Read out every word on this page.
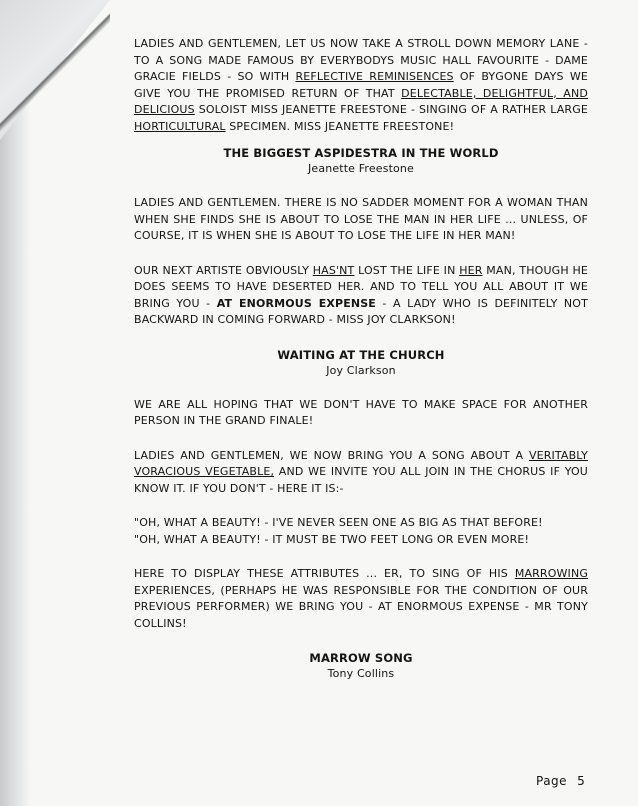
LADIES AND GENTLEMEN, LET US NOW TAKE A STROLL DOWN MEMORY LANE - TO A SONG MADE FAMOUS BY EVERYBODYS MUSIC HALL FAVOURITE - DAME GRACIE FIELDS - SO WITH REFLECTIVE REMINISENCES OF BYGONE DAYS WE GIVE YOU THE PROMISED RETURN OF THAT DELECTABLE, DELIGHTFUL, AND DELICIOUS SOLOIST MISS JEANETTE FREESTONE - SINGING OF A RATHER LARGE HORTICULTURAL SPECIMEN. MISS JEANETTE FREESTONE!

THE BIGGEST ASPIDESTRA IN THE WORLD
Jeanette Freestone

LADIES AND GENTLEMEN. THERE IS NO SADDER MOMENT FOR A WOMAN THAN WHEN SHE FINDS SHE IS ABOUT TO LOSE THE MAN IN HER LIFE ... UNLESS, OF COURSE, IT IS WHEN SHE IS ABOUT TO LOSE THE LIFE IN HER MAN!

OUR NEXT ARTISTE OBVIOUSLY HAS'NT LOST THE LIFE IN HER MAN, THOUGH HE DOES SEEMS TO HAVE DESERTED HER. AND TO TELL YOU ALL ABOUT IT WE BRING YOU - AT ENORMOUS EXPENSE - A LADY WHO IS DEFINITELY NOT BACKWARD IN COMING FORWARD - MISS JOY CLARKSON!

WAITING AT THE CHURCH
Joy Clarkson

WE ARE ALL HOPING THAT WE DON'T HAVE TO MAKE SPACE FOR ANOTHER PERSON IN THE GRAND FINALE!

LADIES AND GENTLEMEN, WE NOW BRING YOU A SONG ABOUT A VERITABLY VORACIOUS VEGETABLE, AND WE INVITE YOU ALL JOIN IN THE CHORUS IF YOU KNOW IT. IF YOU DON'T - HERE IT IS:-

"OH, WHAT A BEAUTY! - I'VE NEVER SEEN ONE AS BIG AS THAT BEFORE!

"OH, WHAT A BEAUTY! - IT MUST BE TWO FEET LONG OR EVEN MORE!

HERE TO DISPLAY THESE ATTRIBUTES ... ER, TO SING OF HIS MARROWING EXPERIENCES, (PERHAPS HE WAS RESPONSIBLE FOR THE CONDITION OF OUR PREVIOUS PERFORMER) WE BRING YOU - AT ENORMOUS EXPENSE - MR TONY COLLINS!

MARROW SONG
Tony Collins
Page 5
